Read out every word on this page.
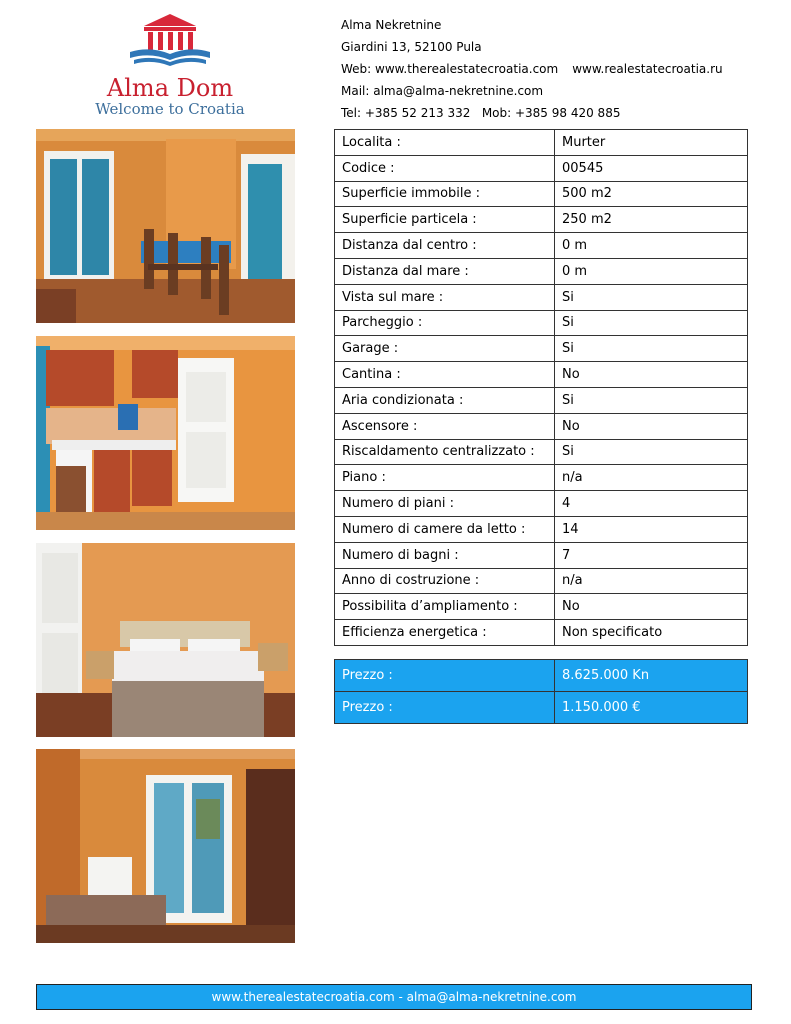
Alma Dom
Welcome to Croatia
Alma Nekretnine
Giardini 13, 52100 Pula
Web: www.therealestatecroatia.com www.realestatecroatia.ru
Mail: alma@alma-nekretnine.com
Tel: +385 52 213 332 Mob: +385 98 420 885
Localita :	Murter
Codice :	00545
Superficie immobile :	500 m2
Superficie particela :	250 m2
Distanza dal centro :	0 m
Distanza dal mare :	0 m
Vista sul mare :	Si
Parcheggio :	Si
Garage :	Si
Cantina :	No
Aria condizionata :	Si
Ascensore :	No
Riscaldamento centralizzato :	Si
Piano :	n/a
Numero di piani :	4
Numero di camere da letto :	14
Numero di bagni :	7
Anno di costruzione :	n/a
Possibilita d’ampliamento :	No
Efficienza energetica :	Non specificato
Prezzo :	8.625.000 Kn
Prezzo :	1.150.000 €
www.therealestatecroatia.com - alma@alma-nekretnine.com
